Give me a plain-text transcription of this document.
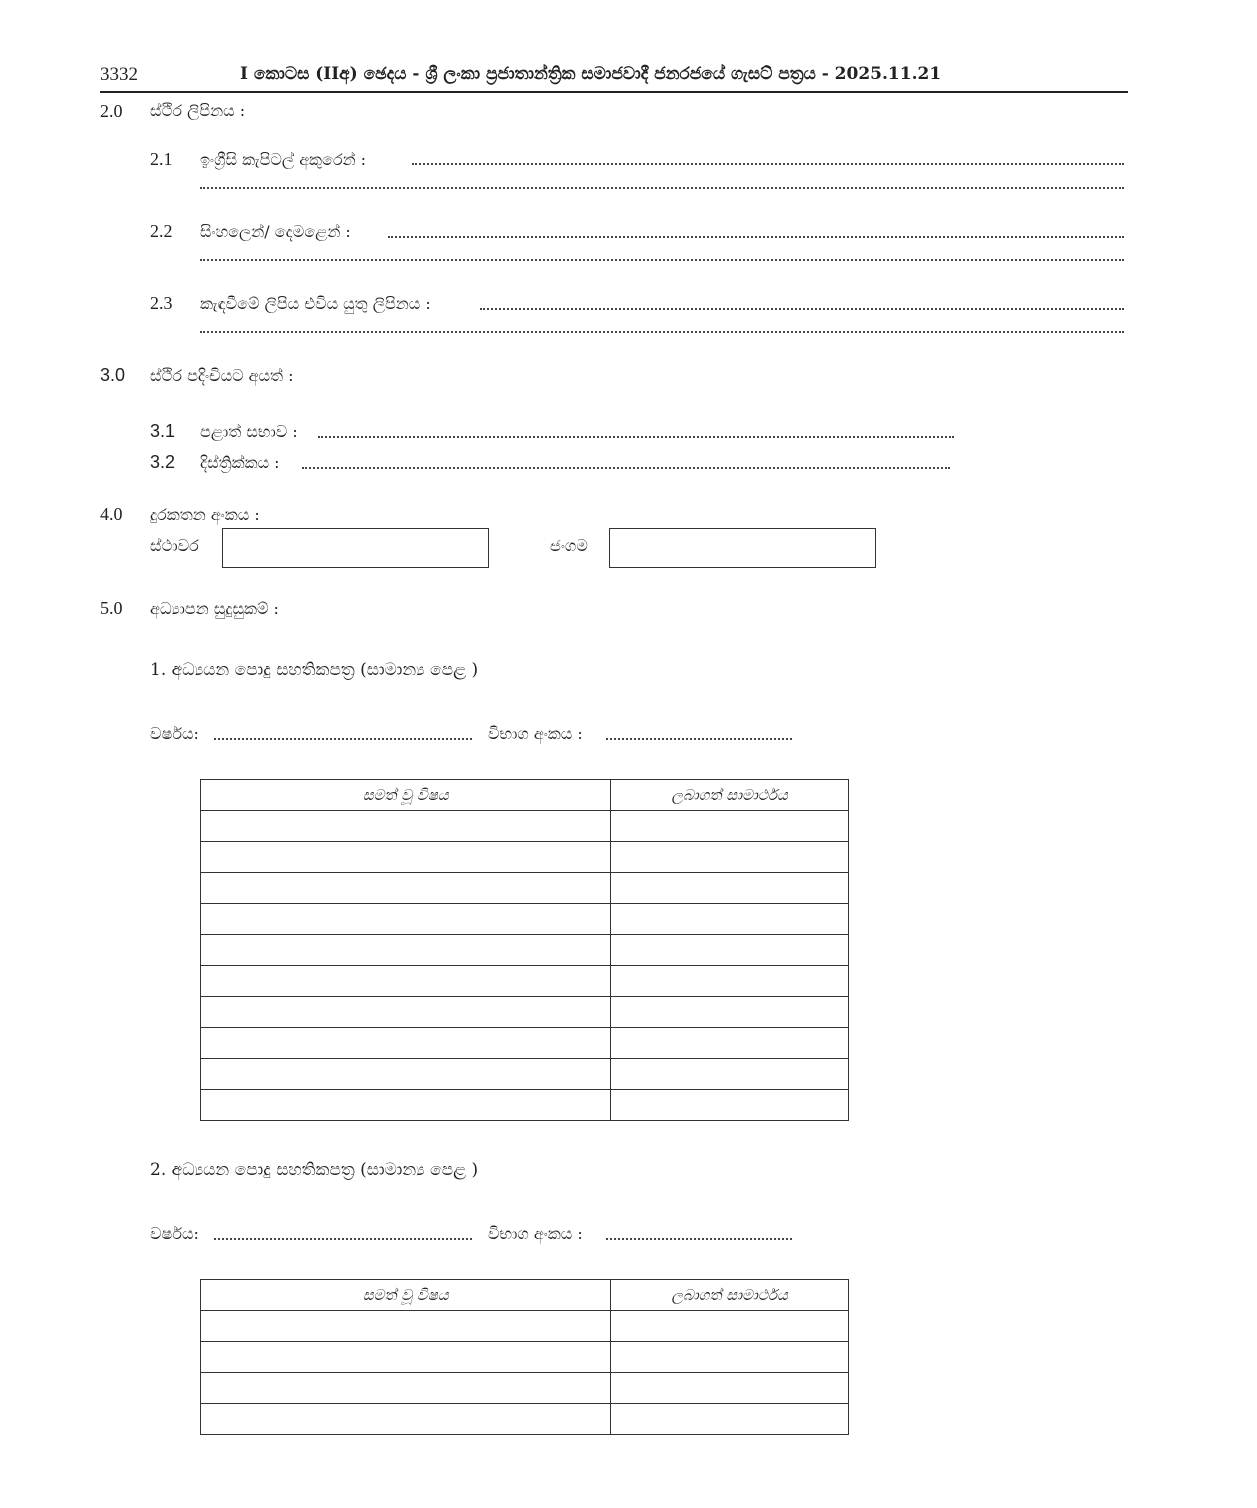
3332	I කොටස (IIඅ) ඡෙදය - ශ්‍රී ලංකා ප්‍රජාතාන්ත්‍රික සමාජවාදී ජනරජයේ ගැසට් පත්‍රය - 2025.11.21
2.0 ස්ථිර ලිපිනය :
2.1 ඉංග්‍රීසි කැපිටල් අකුරෙන් :
2.2 සිංහලෙන්/ දෙමළෙන් :
2.3 කැඳවීමේ ලිපිය එවිය යුතු ලිපිනය :
3.0 ස්ථිර පදිංචියට අයත් :
3.1 පළාත් සභාව :
3.2 දිස්ත්‍රික්කය :
4.0 දුරකතන අංකය :
ස්ථාවර	ජංගම
5.0 අධ්‍යාපන සුදුසුකම් :
1. අධ්‍යයන පොදු සහතිකපත්‍ර (සාමාන්‍ය පෙළ )
වර්ෂය:	විභාග අංකය :
සමත් වූ විෂය	ලබාගත් සාමාර්ථය

2. අධ්‍යයන පොදු සහතිකපත්‍ර (සාමාන්‍ය පෙළ )
වර්ෂය:	විභාග අංකය :
සමත් වූ විෂය	ලබාගත් සාමාර්ථය
